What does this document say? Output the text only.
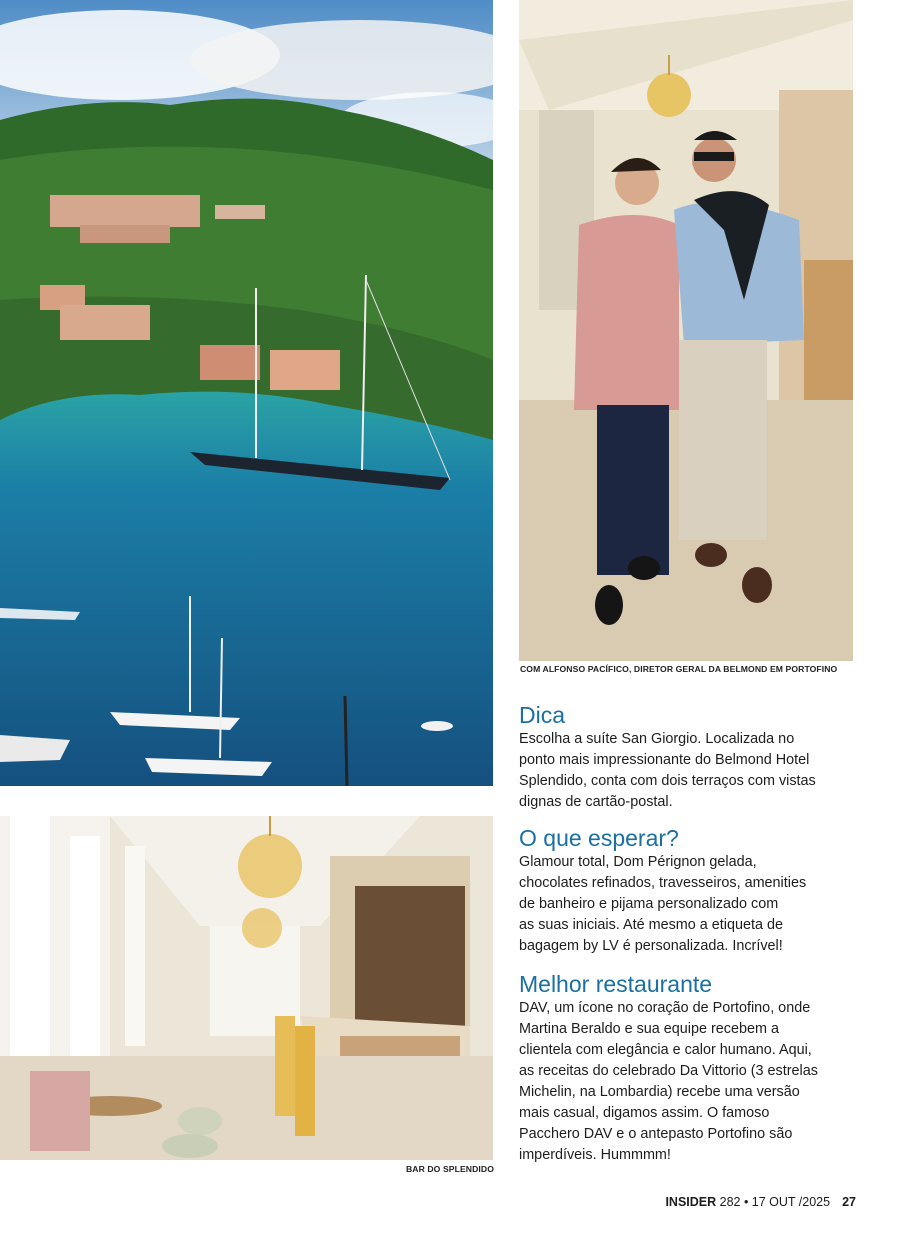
COM ALFONSO PACÍFICO, DIRETOR GERAL DA BELMOND EM PORTOFINO
BAR DO SPLENDIDO
Dica

Escolha a suíte San Giorgio. Localizada no
ponto mais impressionante do Belmond Hotel
Splendido, conta com dois terraços com vistas
dignas de cartão-postal.

O que esperar?

Glamour total, Dom Pérignon gelada,
chocolates refinados, travesseiros, amenities
de banheiro e pijama personalizado com
as suas iniciais. Até mesmo a etiqueta de
bagagem by LV é personalizada. Incrível!

Melhor restaurante

DAV, um ícone no coração de Portofino, onde
Martina Beraldo e sua equipe recebem a
clientela com elegância e calor humano. Aqui,
as receitas do celebrado Da Vittorio (3 estrelas
Michelin, na Lombardia) recebe uma versão
mais casual, digamos assim. O famoso
Pacchero DAV e o antepasto Portofino são
imperdíveis. Hummmm!

INSIDER 282 • 17 OUT /2025 27
